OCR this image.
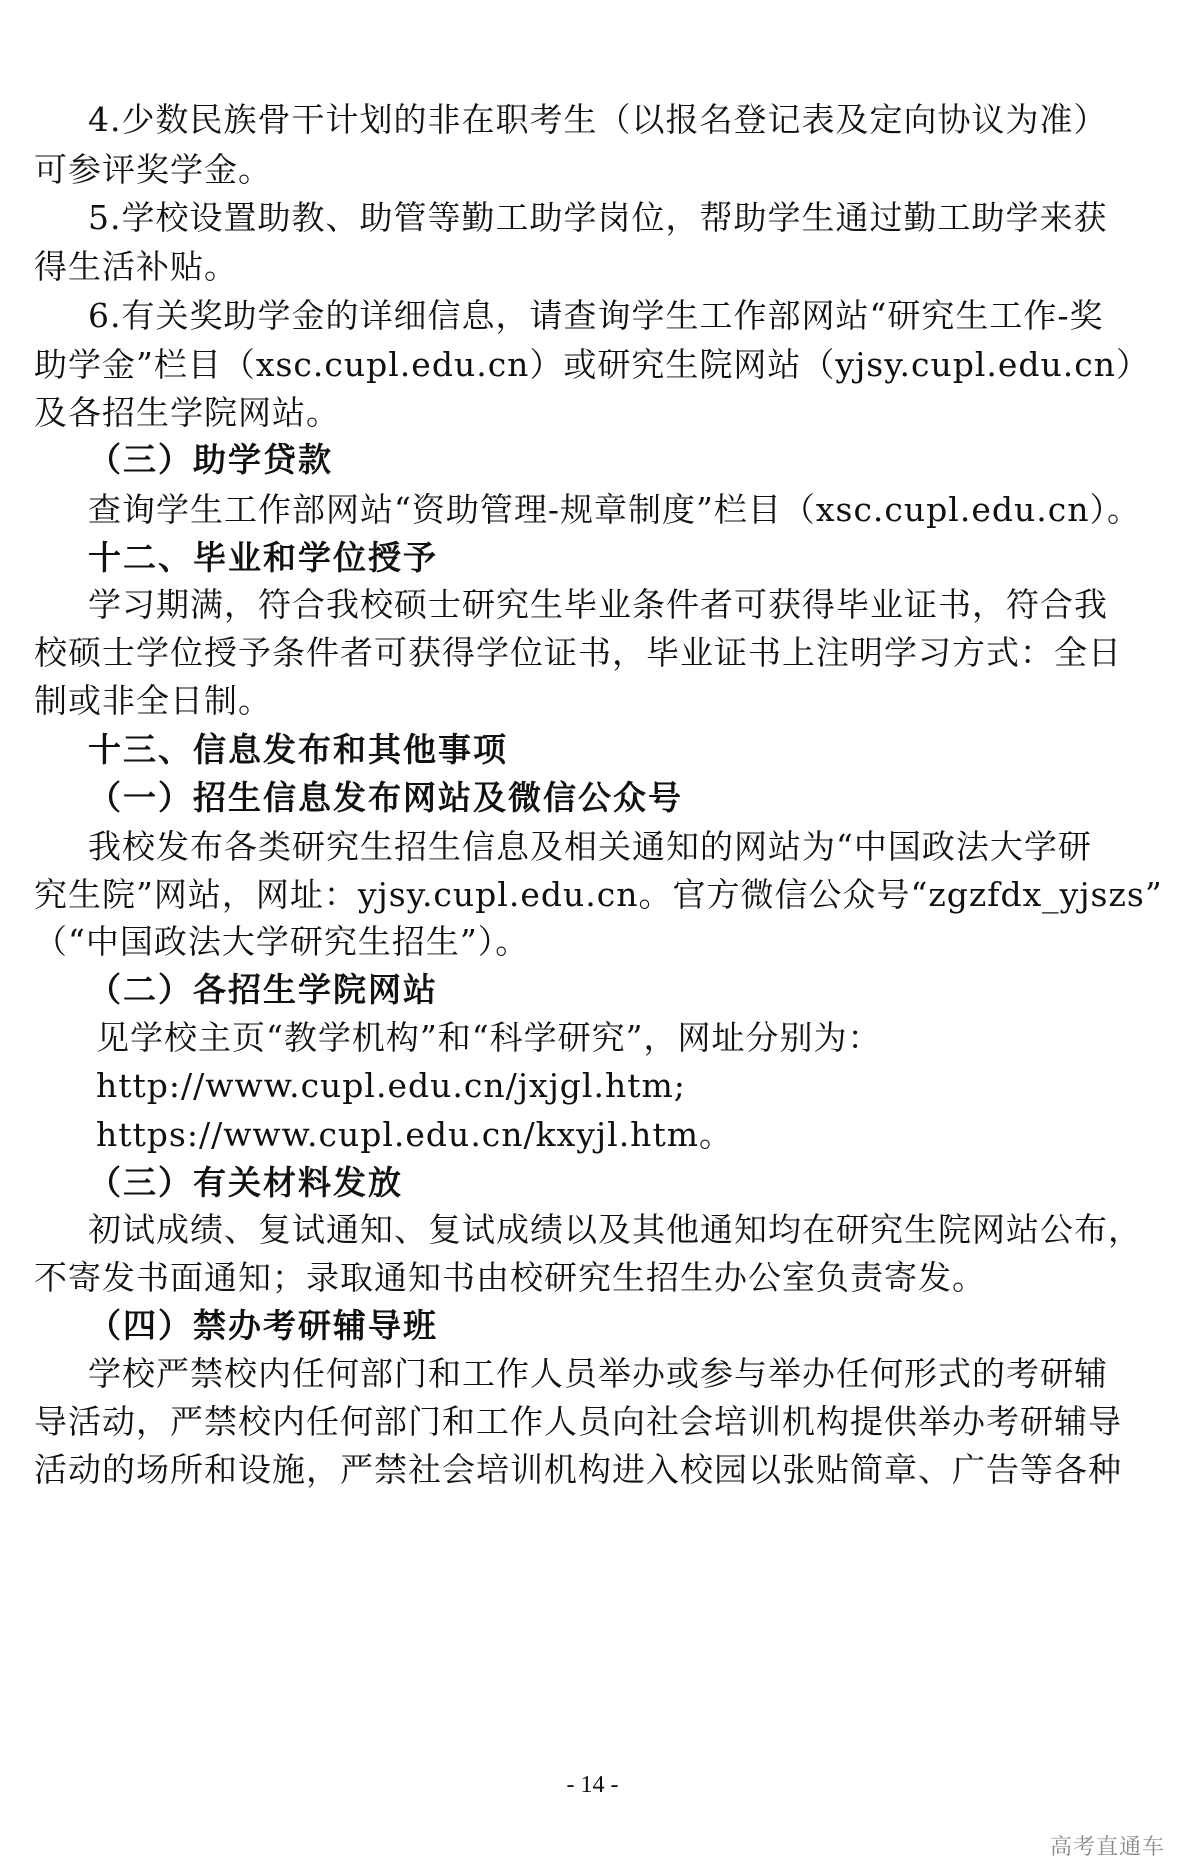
4.少数民族骨干计划的非在职考生（以报名登记表及定向协议为准）
可参评奖学金。
5.学校设置助教、助管等勤工助学岗位，帮助学生通过勤工助学来获
得生活补贴。
6.有关奖助学金的详细信息，请查询学生工作部网站“研究生工作-奖
助学金”栏目（xsc.cupl.edu.cn）或研究生院网站（yjsy.cupl.edu.cn）
及各招生学院网站。
（三）助学贷款
查询学生工作部网站“资助管理-规章制度”栏目（xsc.cupl.edu.cn）。
十二、毕业和学位授予
学习期满，符合我校硕士研究生毕业条件者可获得毕业证书，符合我
校硕士学位授予条件者可获得学位证书，毕业证书上注明学习方式：全日
制或非全日制。
十三、信息发布和其他事项
（一）招生信息发布网站及微信公众号
我校发布各类研究生招生信息及相关通知的网站为“中国政法大学研
究生院”网站，网址：yjsy.cupl.edu.cn。官方微信公众号“zgzfdx_yjszs”
（“中国政法大学研究生招生”）。
（二）各招生学院网站
见学校主页“教学机构”和“科学研究”，网址分别为：
http://www.cupl.edu.cn/jxjgl.htm;
https://www.cupl.edu.cn/kxyjl.htm。
（三）有关材料发放
初试成绩、复试通知、复试成绩以及其他通知均在研究生院网站公布，
不寄发书面通知；录取通知书由校研究生招生办公室负责寄发。
（四）禁办考研辅导班
学校严禁校内任何部门和工作人员举办或参与举办任何形式的考研辅
导活动，严禁校内任何部门和工作人员向社会培训机构提供举办考研辅导
活动的场所和设施，严禁社会培训机构进入校园以张贴简章、广告等各种
- 14 -
高考直通车
